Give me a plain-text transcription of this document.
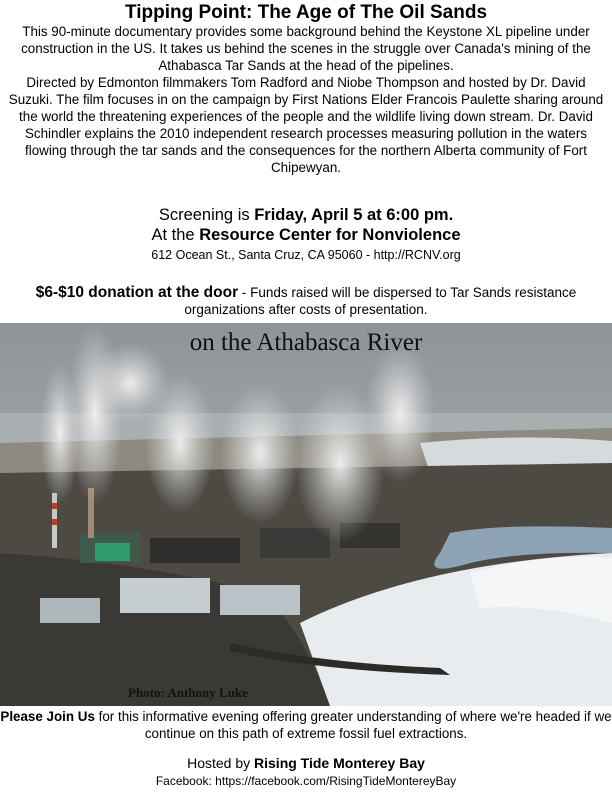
Tipping Point: The Age of The Oil Sands
This 90-minute documentary provides some background behind the Keystone XL pipeline under construction in the US. It takes us behind the scenes in the struggle over Canada's mining of the Athabasca Tar Sands at the head of the pipelines.
Directed by Edmonton filmmakers Tom Radford and Niobe Thompson and hosted by Dr. David Suzuki. The film focuses in on the campaign by First Nations Elder Francois Paulette sharing around the world the threatening experiences of the people and the wildlife living down stream. Dr. David Schindler explains the 2010 independent research processes measuring pollution in the waters flowing through the tar sands and the consequences for the northern Alberta community of Fort Chipewyan.
Screening is Friday, April 5 at 6:00 pm.
At the Resource Center for Nonviolence
612 Ocean St., Santa Cruz, CA 95060 - http://RCNV.org
$6-$10 donation at the door - Funds raised will be dispersed to Tar Sands resistance organizations after costs of presentation.
on the Athabasca River
Photo: Anthony Luke
Please Join Us for this informative evening offering greater understanding of where we're headed if we continue on this path of extreme fossil fuel extractions.
Hosted by Rising Tide Monterey Bay
Facebook: https://facebook.com/RisingTideMontereyBay
